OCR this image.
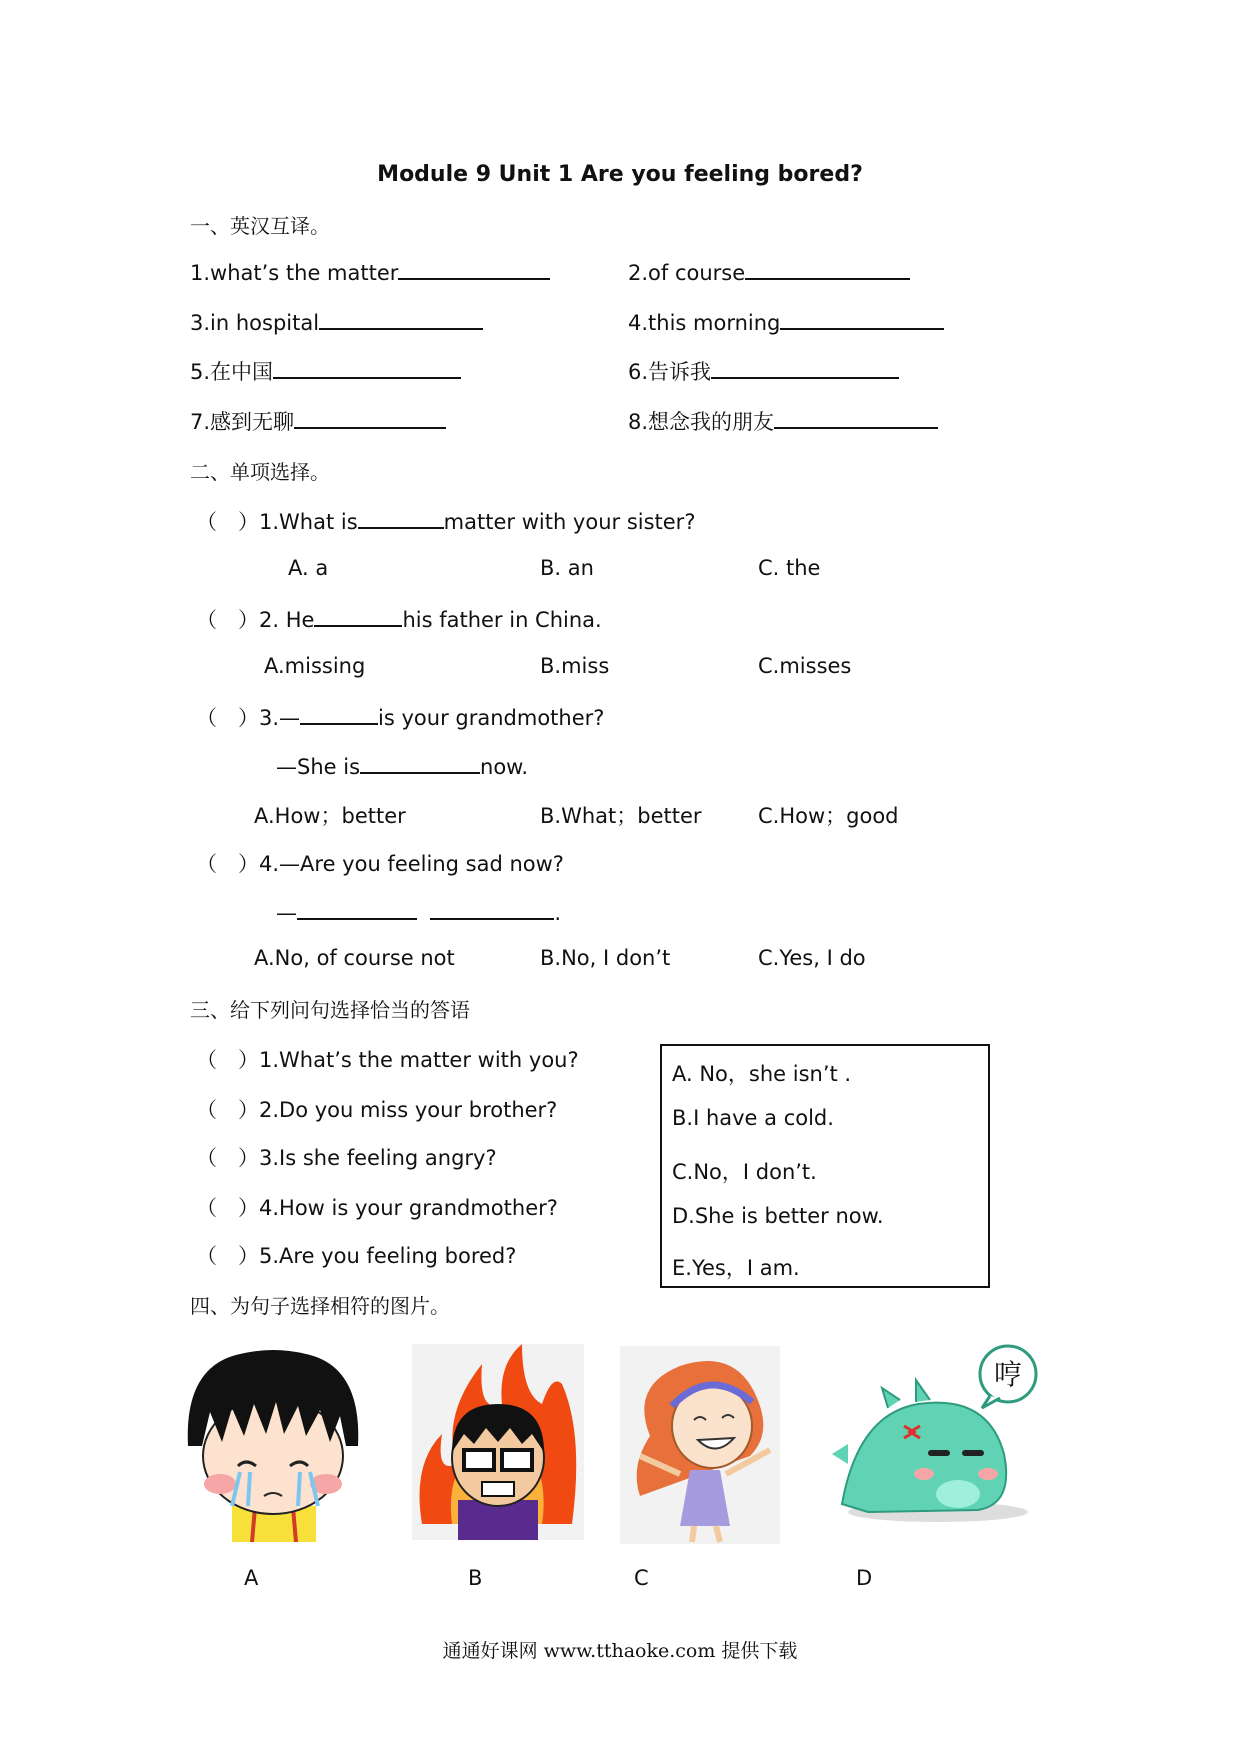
Module 9 Unit 1 Are you feeling bored?
一、英汉互译。
1.what’s the matter	2.of course
3.in hospital	4.this morning
5.在中国	6.告诉我
7.感到无聊	8.想念我的朋友
二、单项选择。
（　）1.What is	matter with your sister?
A. a	B. an	C. the
（　）2. He	his father in China.
A.missing	B.miss	C.misses
（　）3.—	is your grandmother?
—She is	now.
A.How；better	B.What；better	C.How；good
（　）4.—Are you feeling sad now?
—	.
A.No, of course not	B.No, I don’t	C.Yes, I do
三、给下列问句选择恰当的答语
（　）1.What’s the matter with you?
（　）2.Do you miss your brother?
（　）3.Is she feeling angry?
（　）4.How is your grandmother?
（　）5.Are you feeling bored?
A. No，she isn’t .
B.I have a cold.
C.No，I don’t.
D.She is better now.
E.Yes，I am.
四、为句子选择相符的图片。
哼
A	B	C	D
通通好课网 www.tthaoke.com 提供下载
